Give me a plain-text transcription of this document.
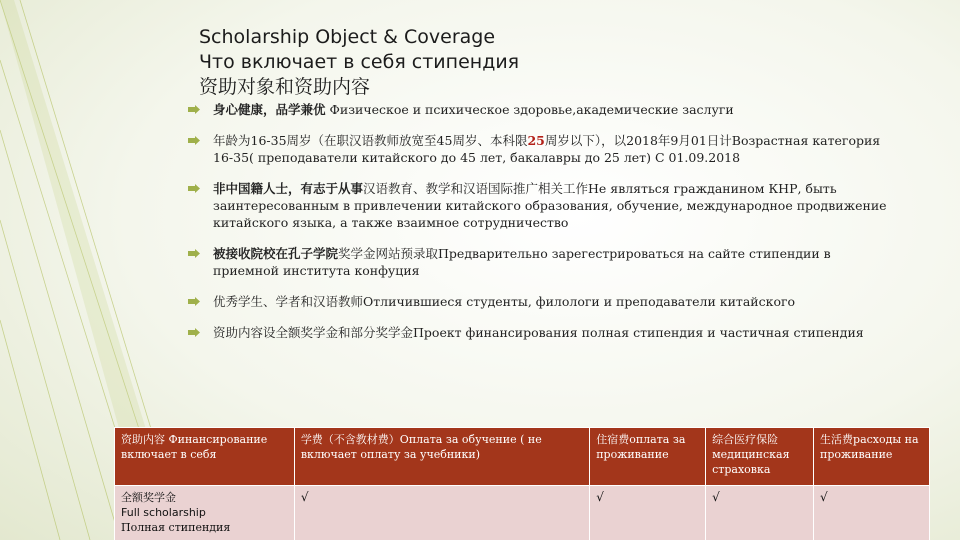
Scholarship Object & Coverage
Что включает в себя стипендия
资助对象和资助内容
身心健康，品学兼优 Физическое и психическое здоровье,академические заслуги
年龄为16-35周岁（在职汉语教师放宽至45周岁、本科限25周岁以下），以2018年9月01日计Возрастная категория 16-35( преподаватели китайского до 45 лет, бакалавры до 25 лет) С 01.09.2018
非中国籍人士，有志于从事汉语教育、教学和汉语国际推广相关工作Не являться гражданином КНР, быть заинтересованным в привлечении китайского образования, обучение, международное продвижение китайского языка, а также взаимное сотрудничество
被接收院校在孔子学院奖学金网站预录取Предварительно зарегестрироваться на сайте стипендии в приемной института конфуция
优秀学生、学者和汉语教师Отличившиеся студенты, филологи и преподаватели китайского
资助内容设全额奖学金和部分奖学金Проект финансирования полная стипендия и частичная стипендия
资助内容 Финансирование включает в себя	学费（不含教材费）Оплата за обучение ( не включает оплату за учебники)	住宿费оплата за проживание	综合医疗保险 медицинская страховка	生活费расходы на проживание

全额奖学金
Full scholarship
Полная стипендия	√	√	√	√
